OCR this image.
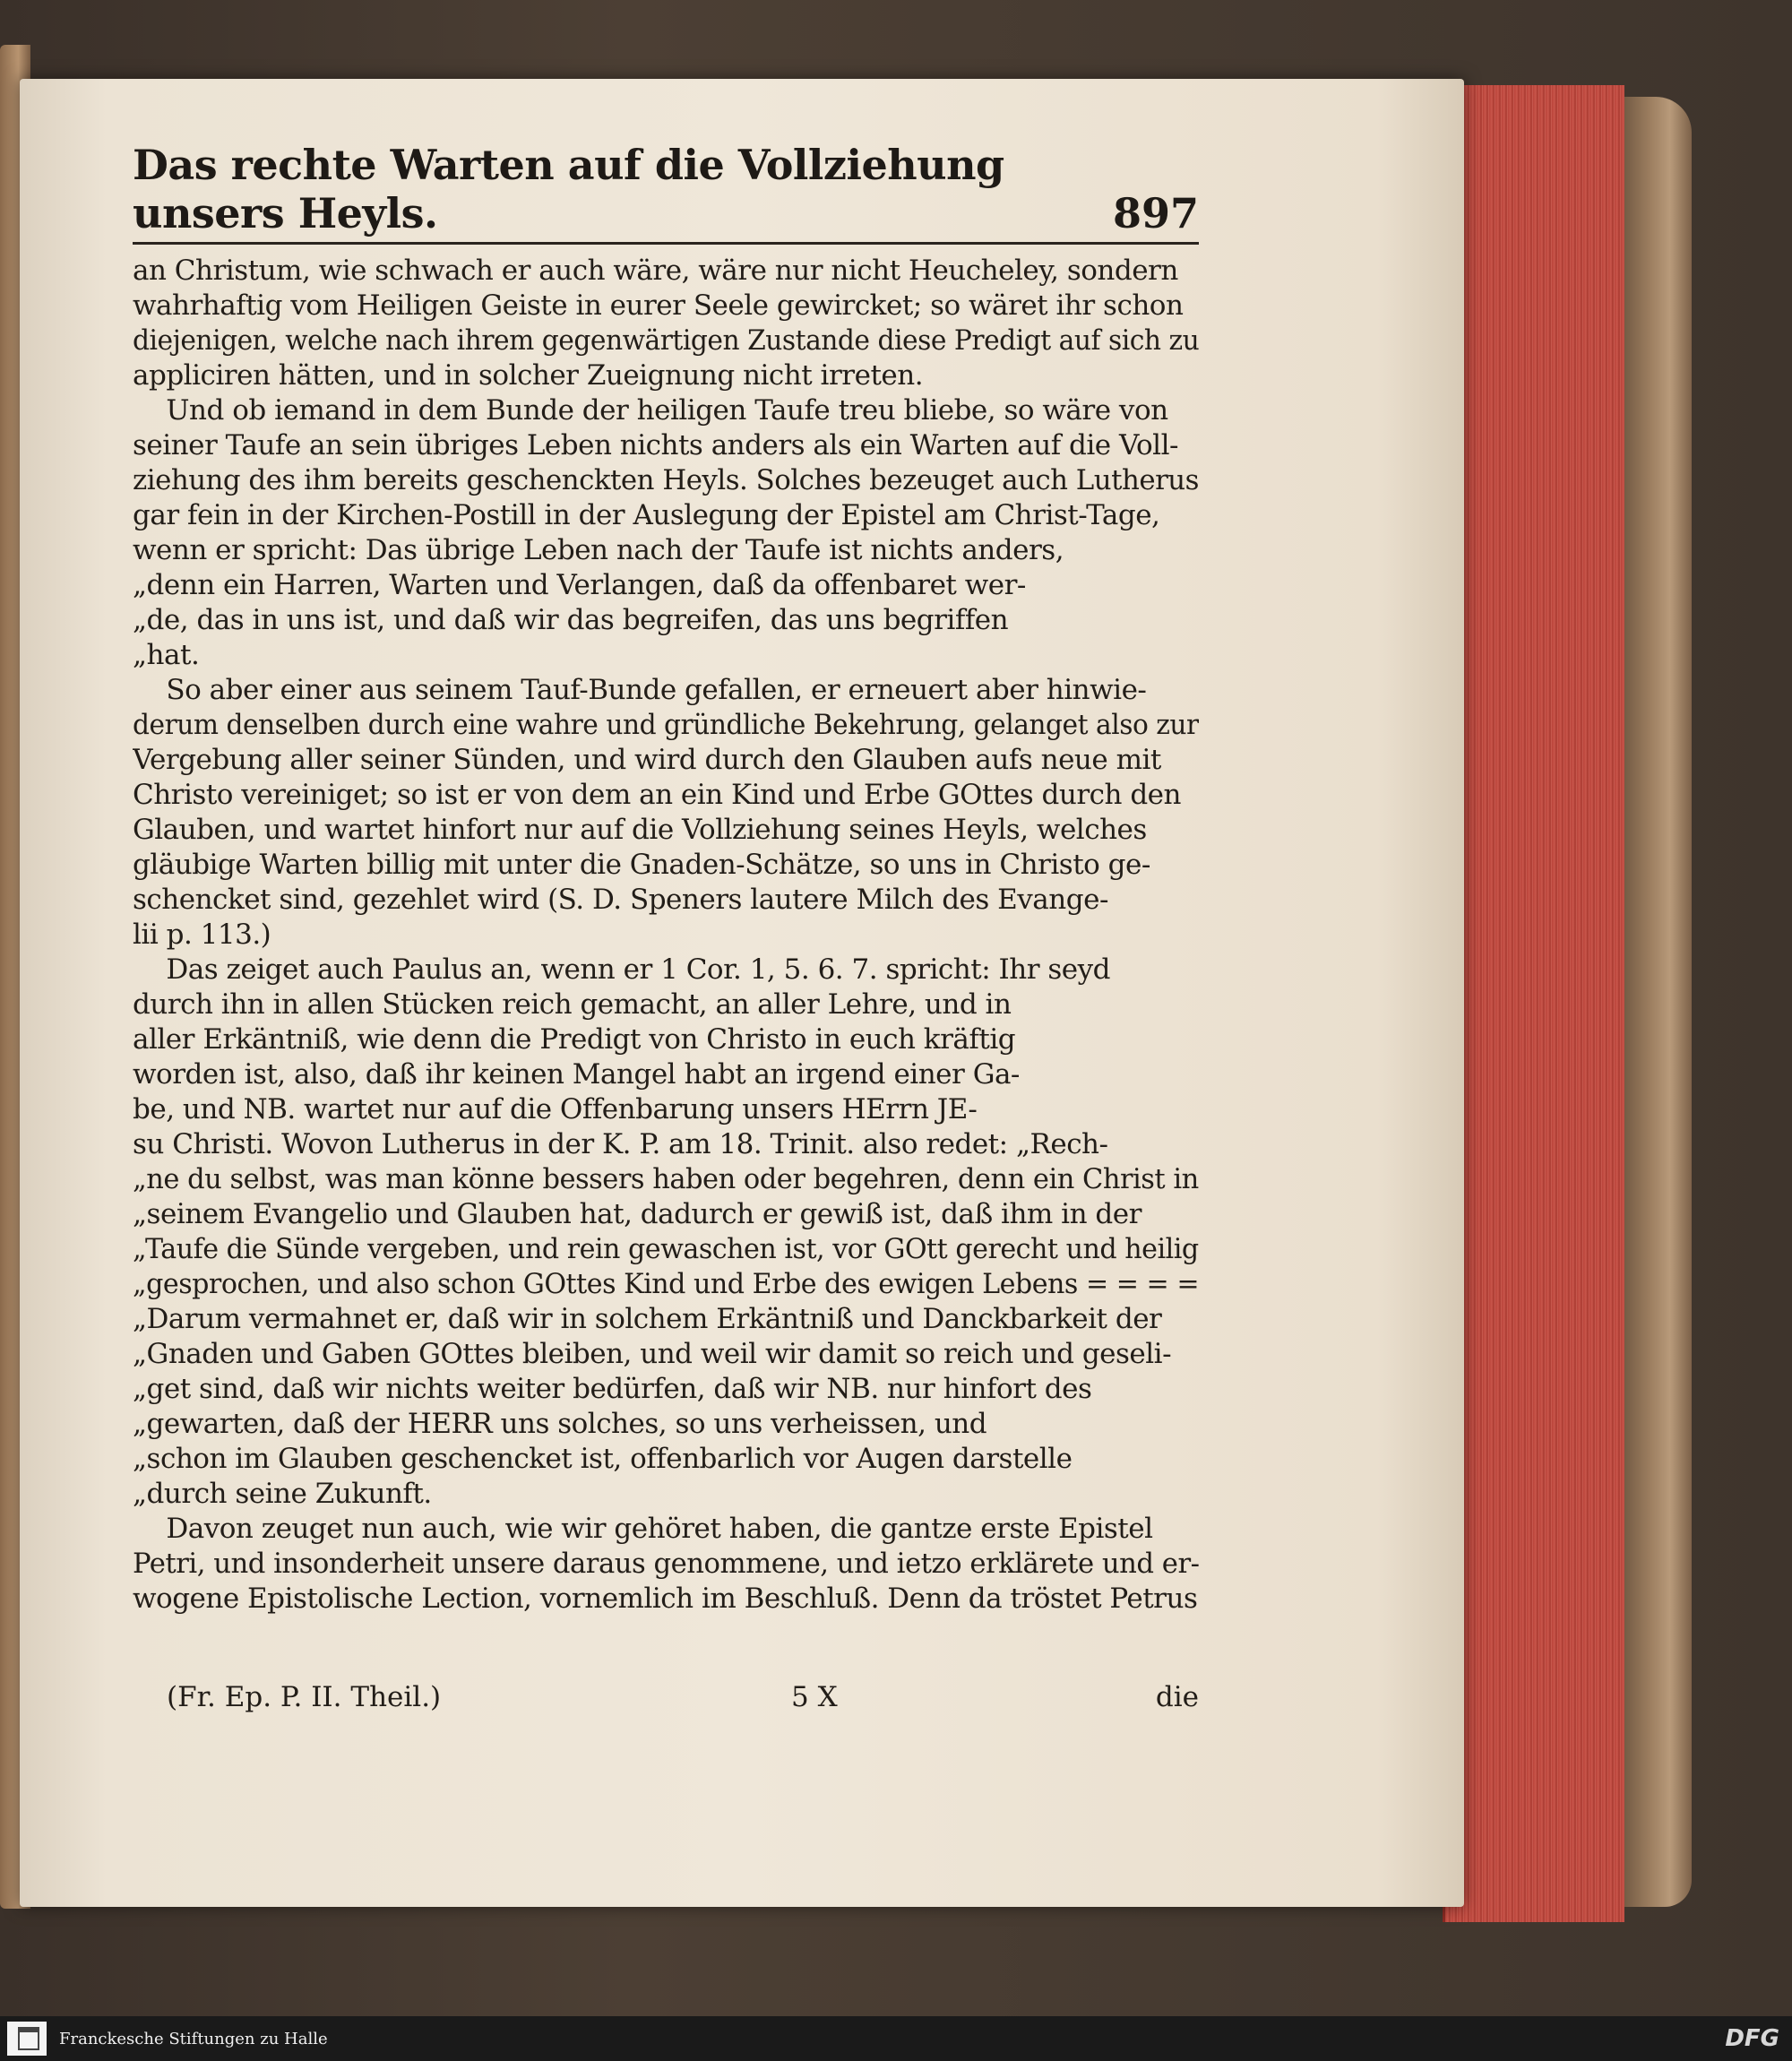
Das rechte Warten auf die Vollziehung unsers Heyls.	897
an Christum, wie schwach er auch wäre, wäre nur nicht Heucheley, sondern
wahrhaftig vom Heiligen Geiste in eurer Seele gewircket; so wäret ihr schon
diejenigen, welche nach ihrem gegenwärtigen Zustande diese Predigt auf sich zu
appliciren hätten, und in solcher Zueignung nicht irreten.
Und ob iemand in dem Bunde der heiligen Taufe treu bliebe, so wäre von
seiner Taufe an sein übriges Leben nichts anders als ein Warten auf die Voll-
ziehung des ihm bereits geschenckten Heyls. Solches bezeuget auch Lutherus
gar fein in der Kirchen-Postill in der Auslegung der Epistel am Christ-Tage,
wenn er spricht: Das übrige Leben nach der Taufe ist nichts anders,
„denn ein Harren, Warten und Verlangen, daß da offenbaret wer-
„de, das in uns ist, und daß wir das begreifen, das uns begriffen
„hat.
So aber einer aus seinem Tauf-Bunde gefallen, er erneuert aber hinwie-
derum denselben durch eine wahre und gründliche Bekehrung, gelanget also zur
Vergebung aller seiner Sünden, und wird durch den Glauben aufs neue mit
Christo vereiniget; so ist er von dem an ein Kind und Erbe GOttes durch den
Glauben, und wartet hinfort nur auf die Vollziehung seines Heyls, welches
gläubige Warten billig mit unter die Gnaden-Schätze, so uns in Christo ge-
schencket sind, gezehlet wird (S. D. Speners lautere Milch des Evange-
lii p. 113.)
Das zeiget auch Paulus an, wenn er 1 Cor. 1, 5. 6. 7. spricht: Ihr seyd
durch ihn in allen Stücken reich gemacht, an aller Lehre, und in
aller Erkäntniß, wie denn die Predigt von Christo in euch kräftig
worden ist, also, daß ihr keinen Mangel habt an irgend einer Ga-
be, und NB. wartet nur auf die Offenbarung unsers HErrn JE-
su Christi. Wovon Lutherus in der K. P. am 18. Trinit. also redet: „Rech-
„ne du selbst, was man könne bessers haben oder begehren, denn ein Christ in
„seinem Evangelio und Glauben hat, dadurch er gewiß ist, daß ihm in der
„Taufe die Sünde vergeben, und rein gewaschen ist, vor GOtt gerecht und heilig
„gesprochen, und also schon GOttes Kind und Erbe des ewigen Lebens = = = =
„Darum vermahnet er, daß wir in solchem Erkäntniß und Danckbarkeit der
„Gnaden und Gaben GOttes bleiben, und weil wir damit so reich und geseli-
„get sind, daß wir nichts weiter bedürfen, daß wir NB. nur hinfort des
„gewarten, daß der HERR uns solches, so uns verheissen, und
„schon im Glauben geschencket ist, offenbarlich vor Augen darstelle
„durch seine Zukunft.
Davon zeuget nun auch, wie wir gehöret haben, die gantze erste Epistel
Petri, und insonderheit unsere daraus genommene, und ietzo erklärete und er-
wogene Epistolische Lection, vornemlich im Beschluß. Denn da tröstet Petrus
(Fr. Ep. P. II. Theil.)	5 X	die
Franckesche Stiftungen zu Halle	DFG
